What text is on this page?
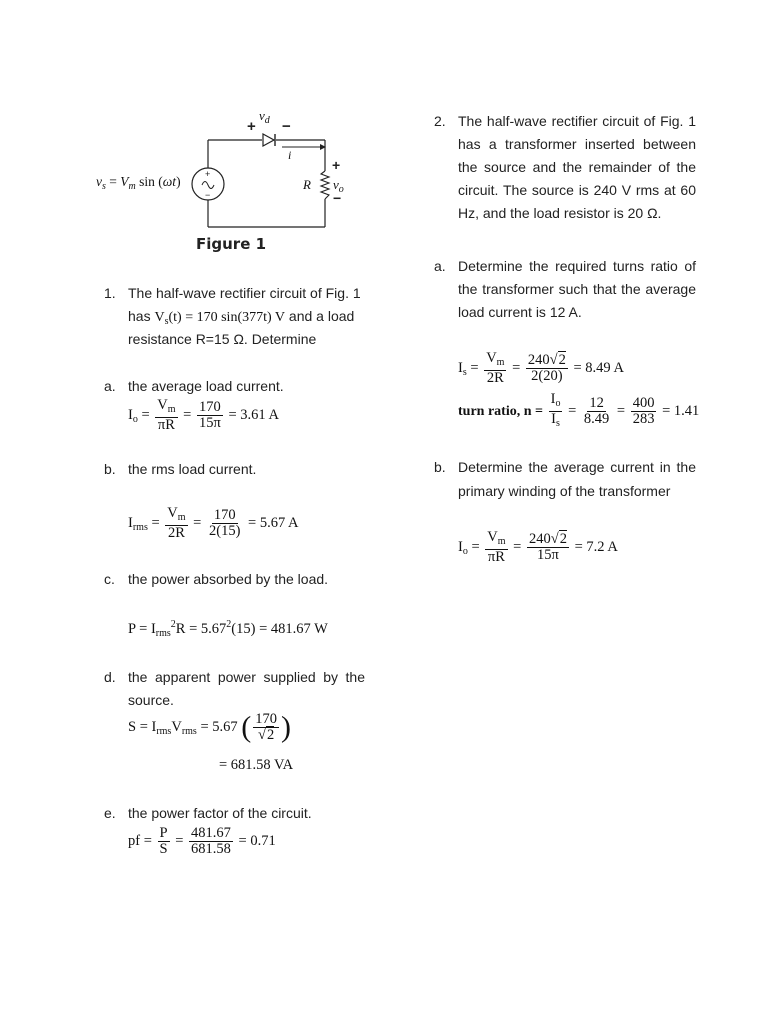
+
−
$v_s = V_m$ sin (ωt)
$v_d$
+ −
i
R
+
$v_o$
−
Figure 1
1. The half-wave rectifier circuit of Fig. 1
has $V_s(t) = 170$ sin(377t) V and a load
resistance R=15 Ω. Determine
a. the average load current.
$I_o = \frac{V_m}{\pi R} = \frac{170}{15\pi} = 3.61$ A
b. the rms load current.
$I_{rms} = \frac{V_m}{2R} = \frac{170}{2(15)} = 5.67$ A
c. the power absorbed by the load.
$P = I_{rms}^2R = 5.67^2(15) = 481.67$ W
d. the apparent power supplied by the
source.
$S = I_{rms}V_{rms} = 5.67$ ( $\frac{170}{√2}$ )
= 681.58 VA
e. the power factor of the circuit.
pf = $\frac{P}{S} = \frac{481.67}{681.58} = 0.71$
2. The half-wave rectifier circuit of Fig. 1
has a transformer inserted between
the source and the remainder of the
circuit. The source is 240 V rms at 60
Hz, and the load resistor is 20 Ω.
a. Determine the required turns ratio of
the transformer such that the average
load current is 12 A.
$I_s = \frac{V_m}{2R} = \frac{240√2}{2(20)} = 8.49$ A
turn ratio, $n = \frac{I_o}{I_s} = \frac{12}{8.49} = \frac{400}{283} = 1.41$
b. Determine the average current in the
primary winding of the transformer
$I_o = \frac{V_m}{\pi R} = \frac{240√2}{15\pi} = 7.2$ A
